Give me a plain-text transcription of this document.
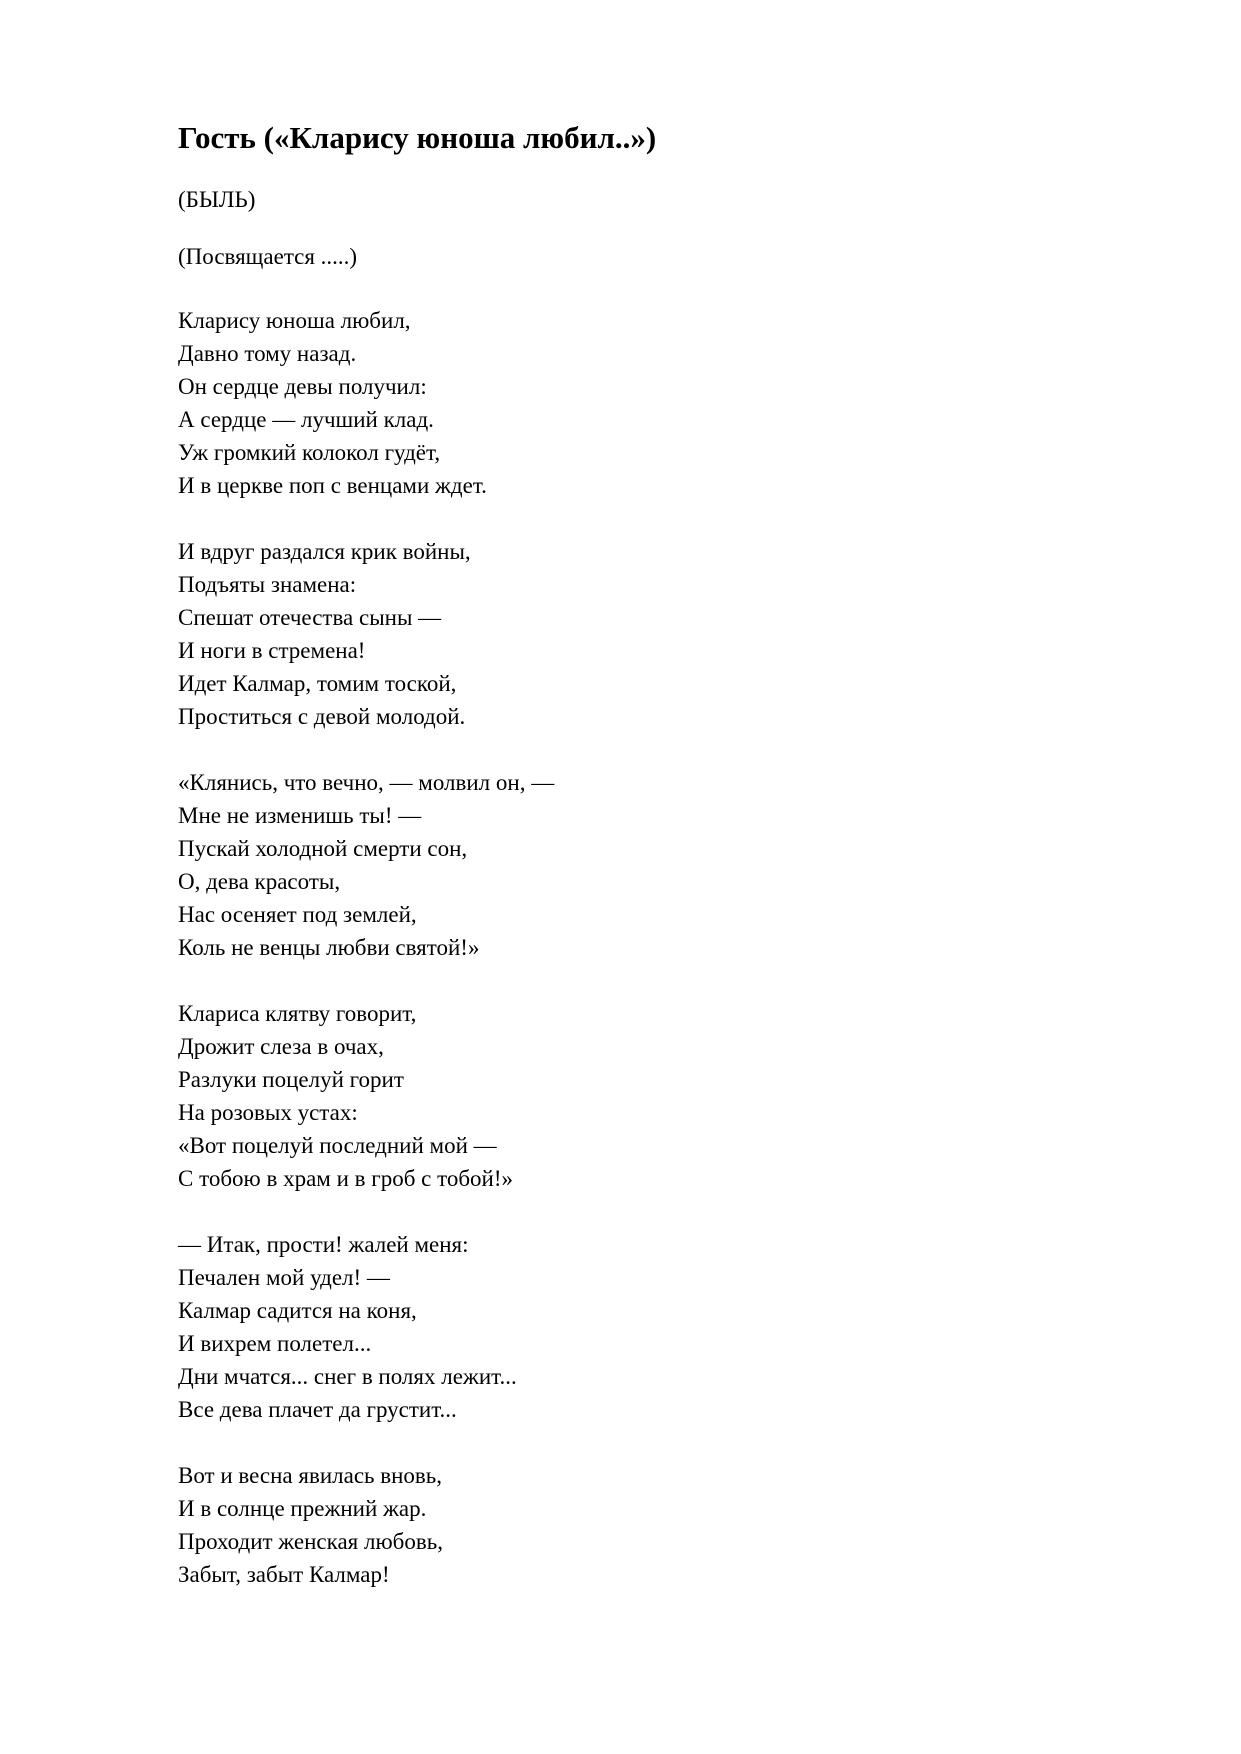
Гость («Кларису юноша любил..»)

(БЫЛЬ)

(Посвящается .....)

Кларису юноша любил,
Давно тому назад.
Он сердце девы получил:
А сердце — лучший клад.
Уж громкий колокол гудёт,
И в церкве поп с венцами ждет.
И вдруг раздался крик войны,
Подъяты знамена:
Спешат отечества сыны —
И ноги в стремена!
Идет Калмар, томим тоской,
Проститься с девой молодой.
«Клянись, что вечно, — молвил он, —
Мне не изменишь ты! —
Пускай холодной смерти сон,
О, дева красоты,
Нас осеняет под землей,
Коль не венцы любви святой!»
Клариса клятву говорит,
Дрожит слеза в очах,
Разлуки поцелуй горит
На розовых устах:
«Вот поцелуй последний мой —
С тобою в храм и в гроб с тобой!»
— Итак, прости! жалей меня:
Печален мой удел! —
Калмар садится на коня,
И вихрем полетел...
Дни мчатся... снег в полях лежит...
Все дева плачет да грустит...
Вот и весна явилась вновь,
И в солнце прежний жар.
Проходит женская любовь,
Забыт, забыт Калмар!
